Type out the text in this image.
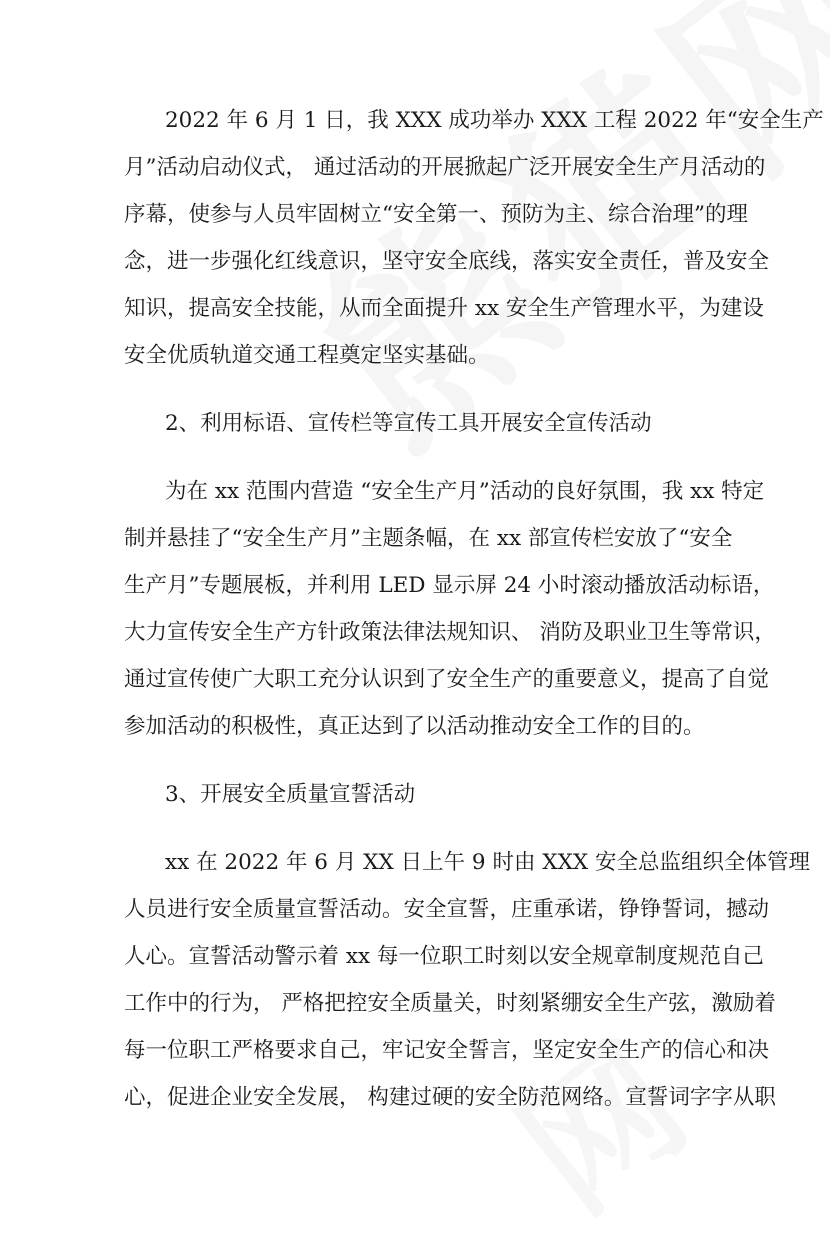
2022 年 6 月 1 日，我 XXX 成功举办 XXX 工程 2022 年“安全生产
月”活动启动仪式， 通过活动的开展掀起广泛开展安全生产月活动的
序幕，使参与人员牢固树立“安全第一、预防为主、综合治理”的理
念，进一步强化红线意识，坚守安全底线，落实安全责任，普及安全
知识，提高安全技能，从而全面提升 xx 安全生产管理水平，为建设
安全优质轨道交通工程奠定坚实基础。
2、利用标语、宣传栏等宣传工具开展安全宣传活动
为在 xx 范围内营造 “安全生产月”活动的良好氛围，我 xx 特定
制并悬挂了“安全生产月”主题条幅，在 xx 部宣传栏安放了“安全
生产月”专题展板，并利用 LED 显示屏 24 小时滚动播放活动标语，
大力宣传安全生产方针政策法律法规知识、 消防及职业卫生等常识，
通过宣传使广大职工充分认识到了安全生产的重要意义，提高了自觉
参加活动的积极性，真正达到了以活动推动安全工作的目的。
3、开展安全质量宣誓活动
xx 在 2022 年 6 月 XX 日上午 9 时由 XXX 安全总监组织全体管理
人员进行安全质量宣誓活动。安全宣誓，庄重承诺，铮铮誓词，撼动
人心。宣誓活动警示着 xx 每一位职工时刻以安全规章制度规范自己
工作中的行为， 严格把控安全质量关，时刻紧绷安全生产弦，激励着
每一位职工严格要求自己，牢记安全誓言，坚定安全生产的信心和决
心，促进企业安全发展， 构建过硬的安全防范网络。宣誓词字字从职
